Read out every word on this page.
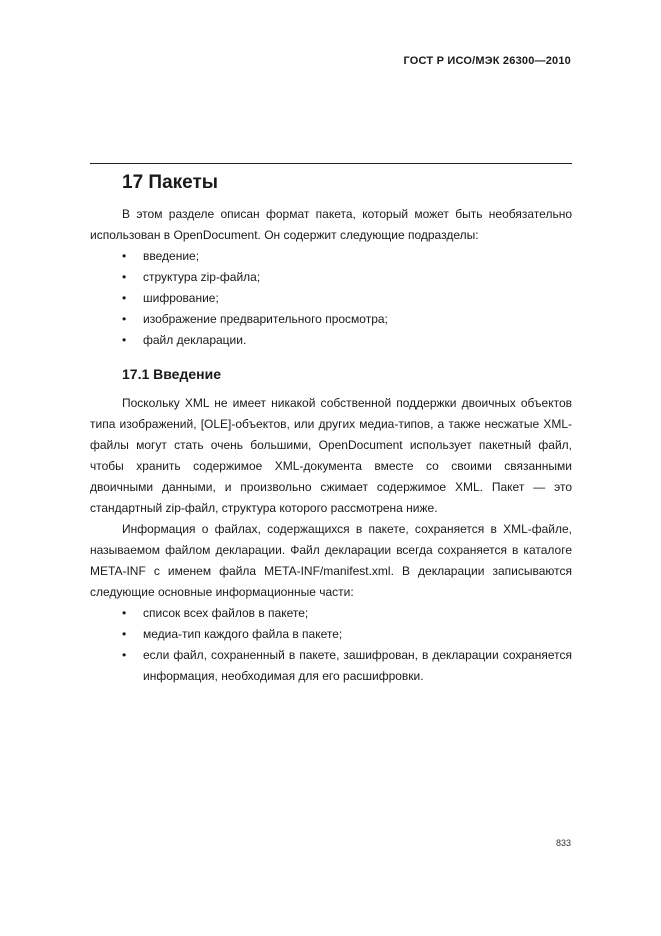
ГОСТ Р ИСО/МЭК 26300—2010
17 Пакеты

В этом разделе описан формат пакета, который может быть необязательно использован в OpenDocument. Он содержит следующие подразделы:

• введение;
• структура zip-файла;
• шифрование;
• изображение предварительного просмотра;
• файл декларации.
17.1 Введение

Поскольку XML не имеет никакой собственной поддержки двоичных объектов типа изображений, [OLE]-объектов, или других медиа-типов, а также несжатые XML-файлы могут стать очень большими, OpenDocument использует пакетный файл, чтобы хранить содержимое XML-документа вместе со своими связанными двоичными данными, и произвольно сжимает содержимое XML. Пакет — это стандартный zip-файл, структура которого рассмотрена ниже.

Информация о файлах, содержащихся в пакете, сохраняется в XML-файле, называемом файлом декларации. Файл декларации всегда сохраняется в каталоге META-INF с именем файла META-INF/manifest.xml. В декларации записываются следующие основные информационные части:

• список всех файлов в пакете;
• медиа-тип каждого файла в пакете;
• если файл, сохраненный в пакете, зашифрован, в декларации сохраняется информация, необходимая для его расшифровки.
833
